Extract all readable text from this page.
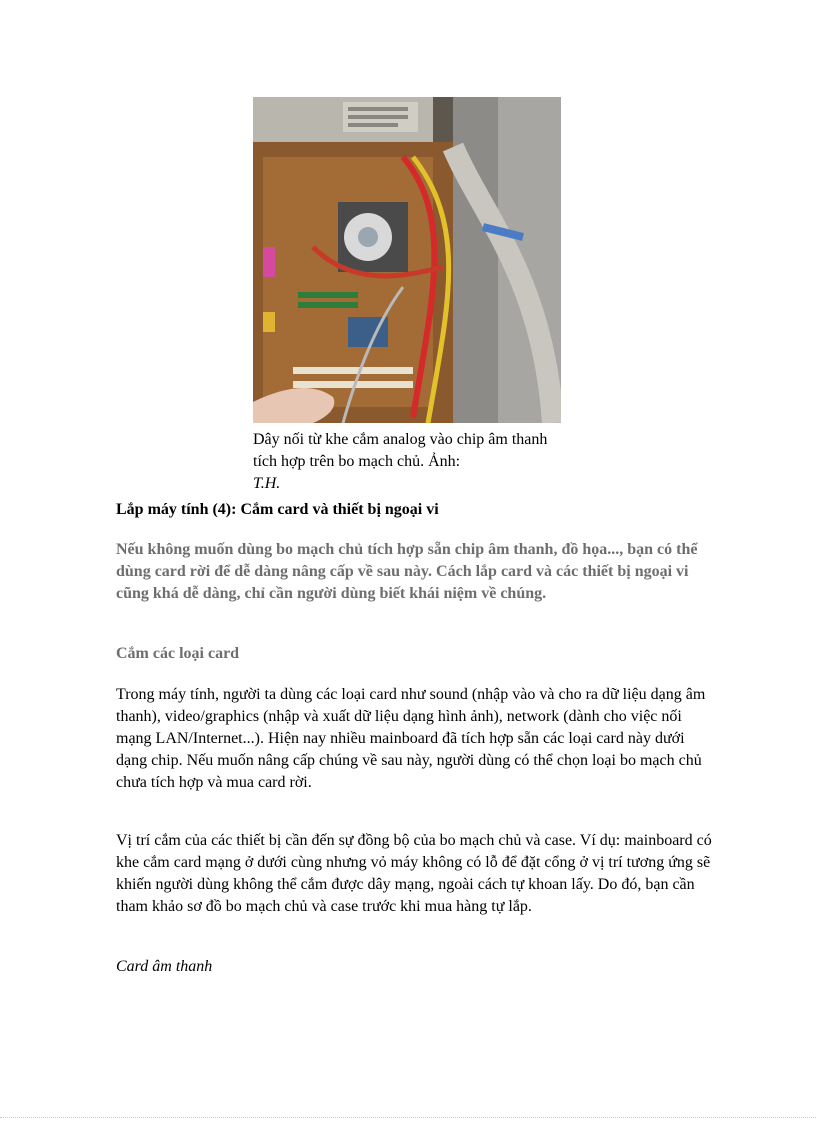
Dây nối từ khe cắm analog vào chip âm thanh tích hợp trên bo mạch chủ. Ảnh:
T.H.
Lắp máy tính (4): Cắm card và thiết bị ngoại vi
Nếu không muốn dùng bo mạch chủ tích hợp sẵn chip âm thanh, đồ họa..., bạn có thể dùng card rời để dễ dàng nâng cấp về sau này. Cách lắp card và các thiết bị ngoại vi cũng khá dễ dàng, chỉ cần người dùng biết khái niệm về chúng.
Cắm các loại card
Trong máy tính, người ta dùng các loại card như sound (nhập vào và cho ra dữ liệu dạng âm thanh), video/graphics (nhập và xuất dữ liệu dạng hình ảnh), network (dành cho việc nối mạng LAN/Internet...). Hiện nay nhiều mainboard đã tích hợp sẵn các loại card này dưới dạng chip. Nếu muốn nâng cấp chúng về sau này, người dùng có thể chọn loại bo mạch chủ chưa tích hợp và mua card rời.
Vị trí cắm của các thiết bị cần đến sự đồng bộ của bo mạch chủ và case. Ví dụ: mainboard có khe cắm card mạng ở dưới cùng nhưng vỏ máy không có lỗ để đặt cổng ở vị trí tương ứng sẽ khiến người dùng không thể cắm được dây mạng, ngoài cách tự khoan lấy. Do đó, bạn cần tham khảo sơ đồ bo mạch chủ và case trước khi mua hàng tự lắp.
Card âm thanh
